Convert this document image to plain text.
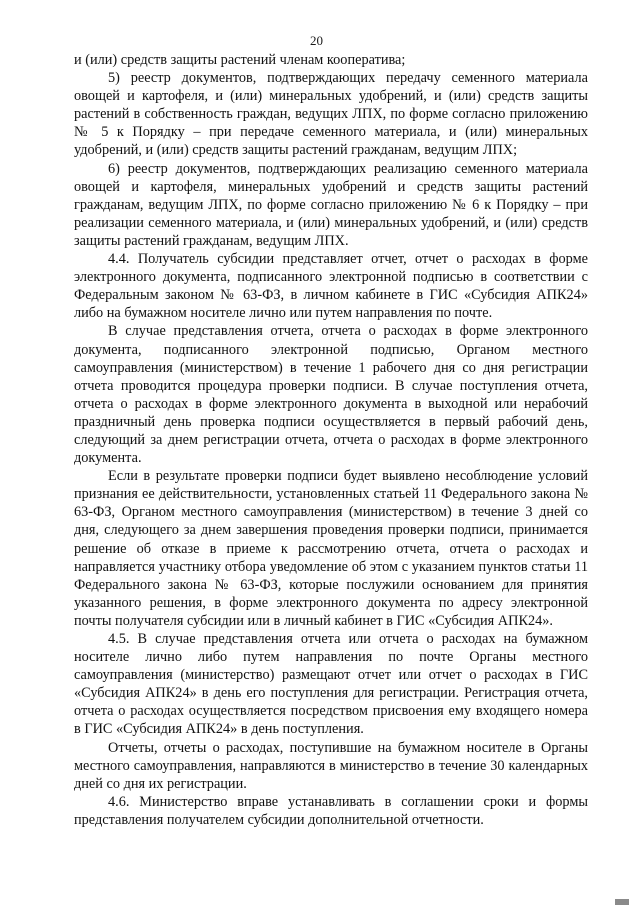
20

и (или) средств защиты растений членам кооператива;

5) реестр документов, подтверждающих передачу семенного материала овощей и картофеля, и (или) минеральных удобрений, и (или) средств защиты растений в собственность граждан, ведущих ЛПХ, по форме согласно приложению № 5 к Порядку – при передаче семенного материала, и (или) минеральных удобрений, и (или) средств защиты растений гражданам, ведущим ЛПХ;

6) реестр документов, подтверждающих реализацию семенного материала овощей и картофеля, минеральных удобрений и средств защиты растений гражданам, ведущим ЛПХ, по форме согласно приложению № 6 к Порядку – при реализации семенного материала, и (или) минеральных удобрений, и (или) средств защиты растений гражданам, ведущим ЛПХ.

4.4. Получатель субсидии представляет отчет, отчет о расходах в форме электронного документа, подписанного электронной подписью в соответствии с Федеральным законом № 63-ФЗ, в личном кабинете в ГИС «Субсидия АПК24» либо на бумажном носителе лично или путем направления по почте.

В случае представления отчета, отчета о расходах в форме электронного документа, подписанного электронной подписью, Органом местного самоуправления (министерством) в течение 1 рабочего дня со дня регистрации отчета проводится процедура проверки подписи. В случае поступления отчета, отчета о расходах в форме электронного документа в выходной или нерабочий праздничный день проверка подписи осуществляется в первый рабочий день, следующий за днем регистрации отчета, отчета о расходах в форме электронного документа.

Если в результате проверки подписи будет выявлено несоблюдение условий признания ее действительности, установленных статьей 11 Федерального закона № 63-ФЗ, Органом местного самоуправления (министерством) в течение 3 дней со дня, следующего за днем завершения проведения проверки подписи, принимается решение об отказе в приеме к рассмотрению отчета, отчета о расходах и направляется участнику отбора уведомление об этом с указанием пунктов статьи 11 Федерального закона № 63-ФЗ, которые послужили основанием для принятия указанного решения, в форме электронного документа по адресу электронной почты получателя субсидии или в личный кабинет в ГИС «Субсидия АПК24».

4.5. В случае представления отчета или отчета о расходах на бумажном носителе лично либо путем направления по почте Органы местного самоуправления (министерство) размещают отчет или отчет о расходах в ГИС «Субсидия АПК24» в день его поступления для регистрации. Регистрация отчета, отчета о расходах осуществляется посредством присвоения ему входящего номера в ГИС «Субсидия АПК24» в день поступления.

Отчеты, отчеты о расходах, поступившие на бумажном носителе в Органы местного самоуправления, направляются в министерство в течение 30 календарных дней со дня их регистрации.

4.6. Министерство вправе устанавливать в соглашении сроки и формы представления получателем субсидии дополнительной отчетности.
